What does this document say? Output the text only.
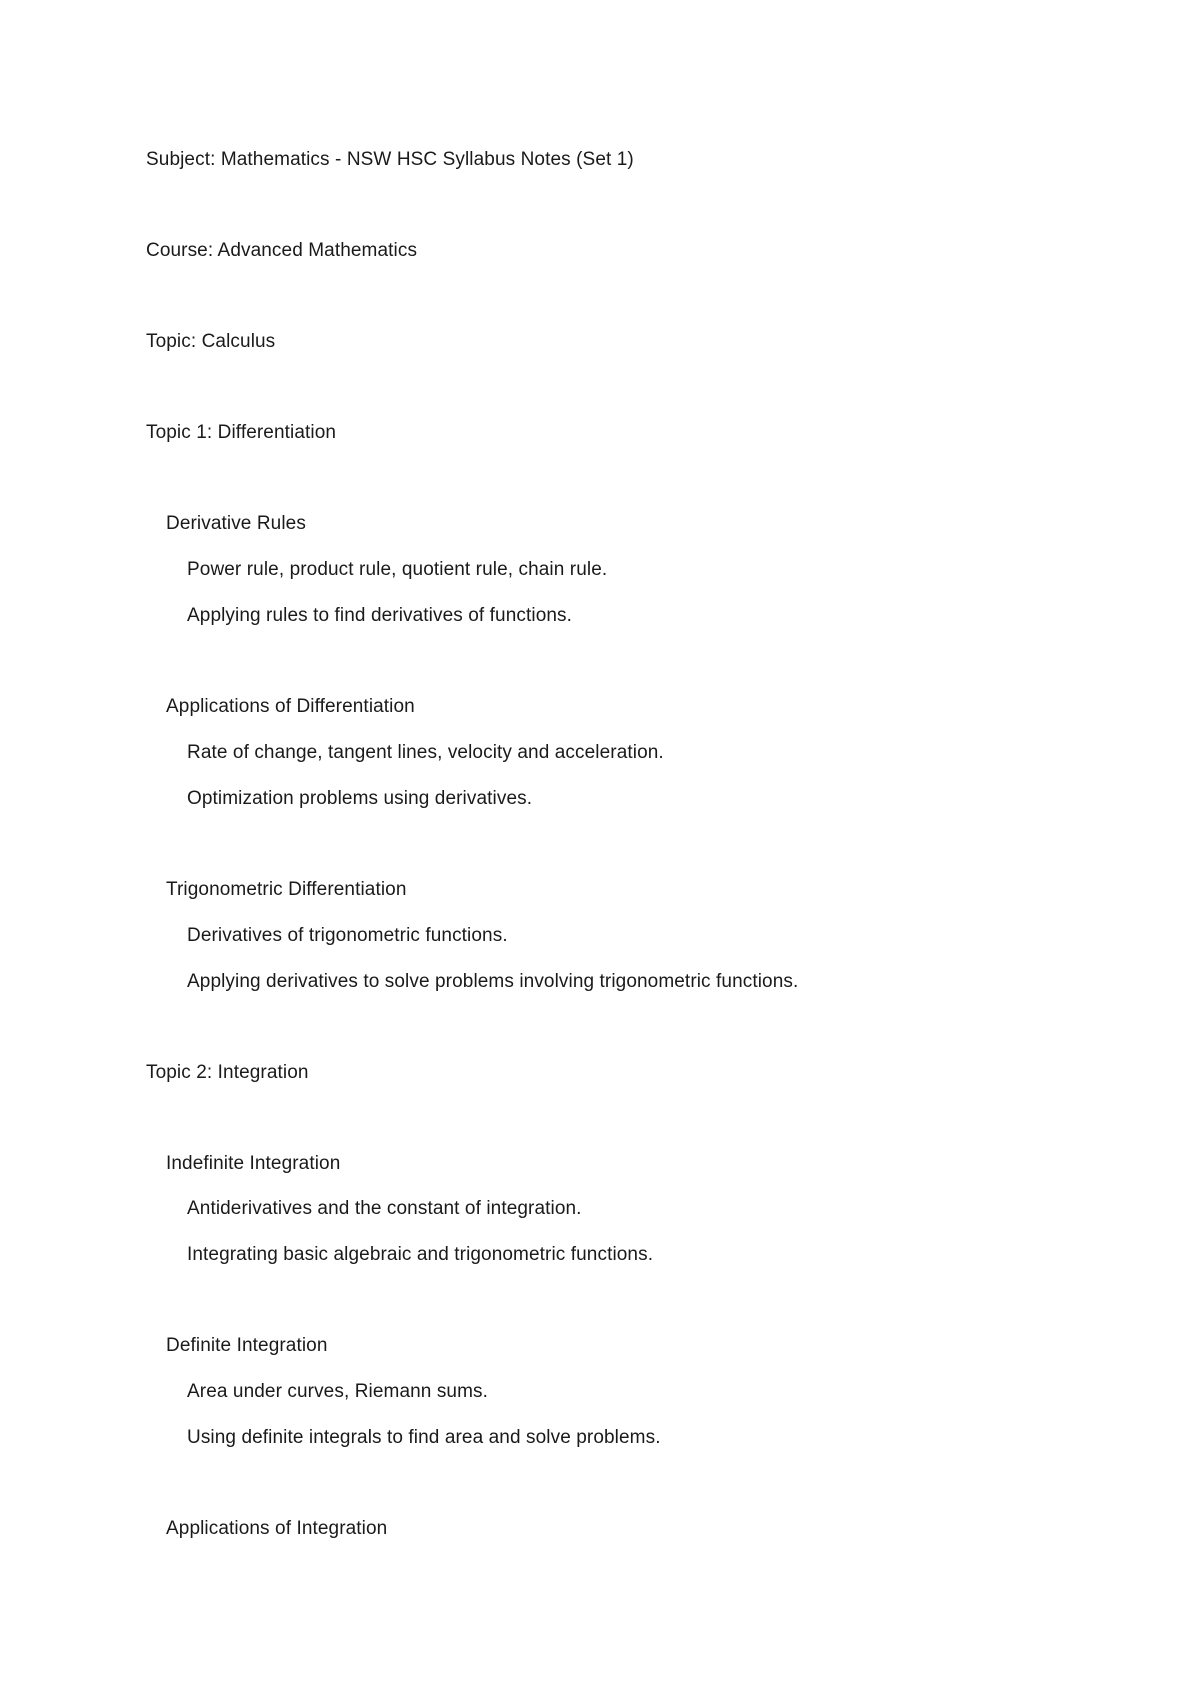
Subject: Mathematics - NSW HSC Syllabus Notes (Set 1)
Course: Advanced Mathematics
Topic: Calculus
Topic 1: Differentiation
Derivative Rules
Power rule, product rule, quotient rule, chain rule.
Applying rules to find derivatives of functions.
Applications of Differentiation
Rate of change, tangent lines, velocity and acceleration.
Optimization problems using derivatives.
Trigonometric Differentiation
Derivatives of trigonometric functions.
Applying derivatives to solve problems involving trigonometric functions.
Topic 2: Integration
Indefinite Integration
Antiderivatives and the constant of integration.
Integrating basic algebraic and trigonometric functions.
Definite Integration
Area under curves, Riemann sums.
Using definite integrals to find area and solve problems.
Applications of Integration
